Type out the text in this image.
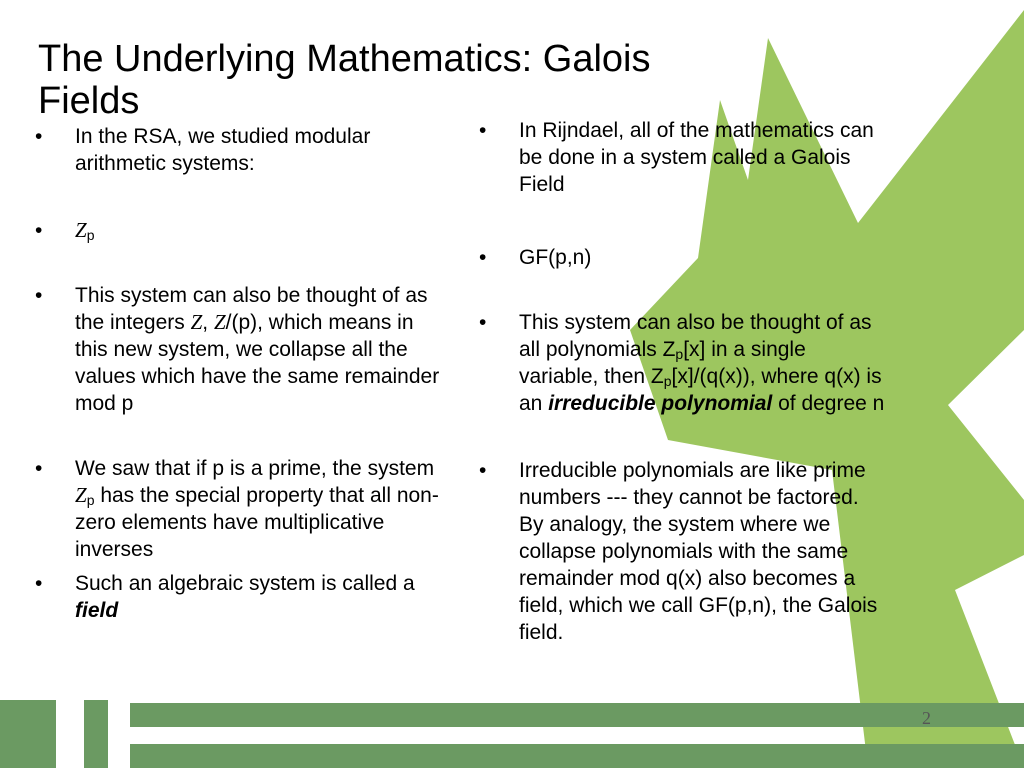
The Underlying Mathematics: Galois Fields
• In the RSA, we studied modular arithmetic systems:
• $Z_p$
• This system can also be thought of as the integers Z, Z/(p), which means in this new system, we collapse all the values which have the same remainder mod p
• We saw that if p is a prime, the system $Z_p$ has the special property that all non-zero elements have multiplicative inverses
• Such an algebraic system is called a field
• In Rijndael, all of the mathematics can be done in a system called a Galois Field
• GF(p,n)
• This system can also be thought of as all polynomials $Z_p[x]$ in a single variable, then $Z_p[x]/(q(x))$, where q(x) is an irreducible polynomial of degree n
• Irreducible polynomials are like prime numbers --- they cannot be factored. By analogy, the system where we collapse polynomials with the same remainder mod q(x) also becomes a field, which we call GF(p,n), the Galois field.
2
